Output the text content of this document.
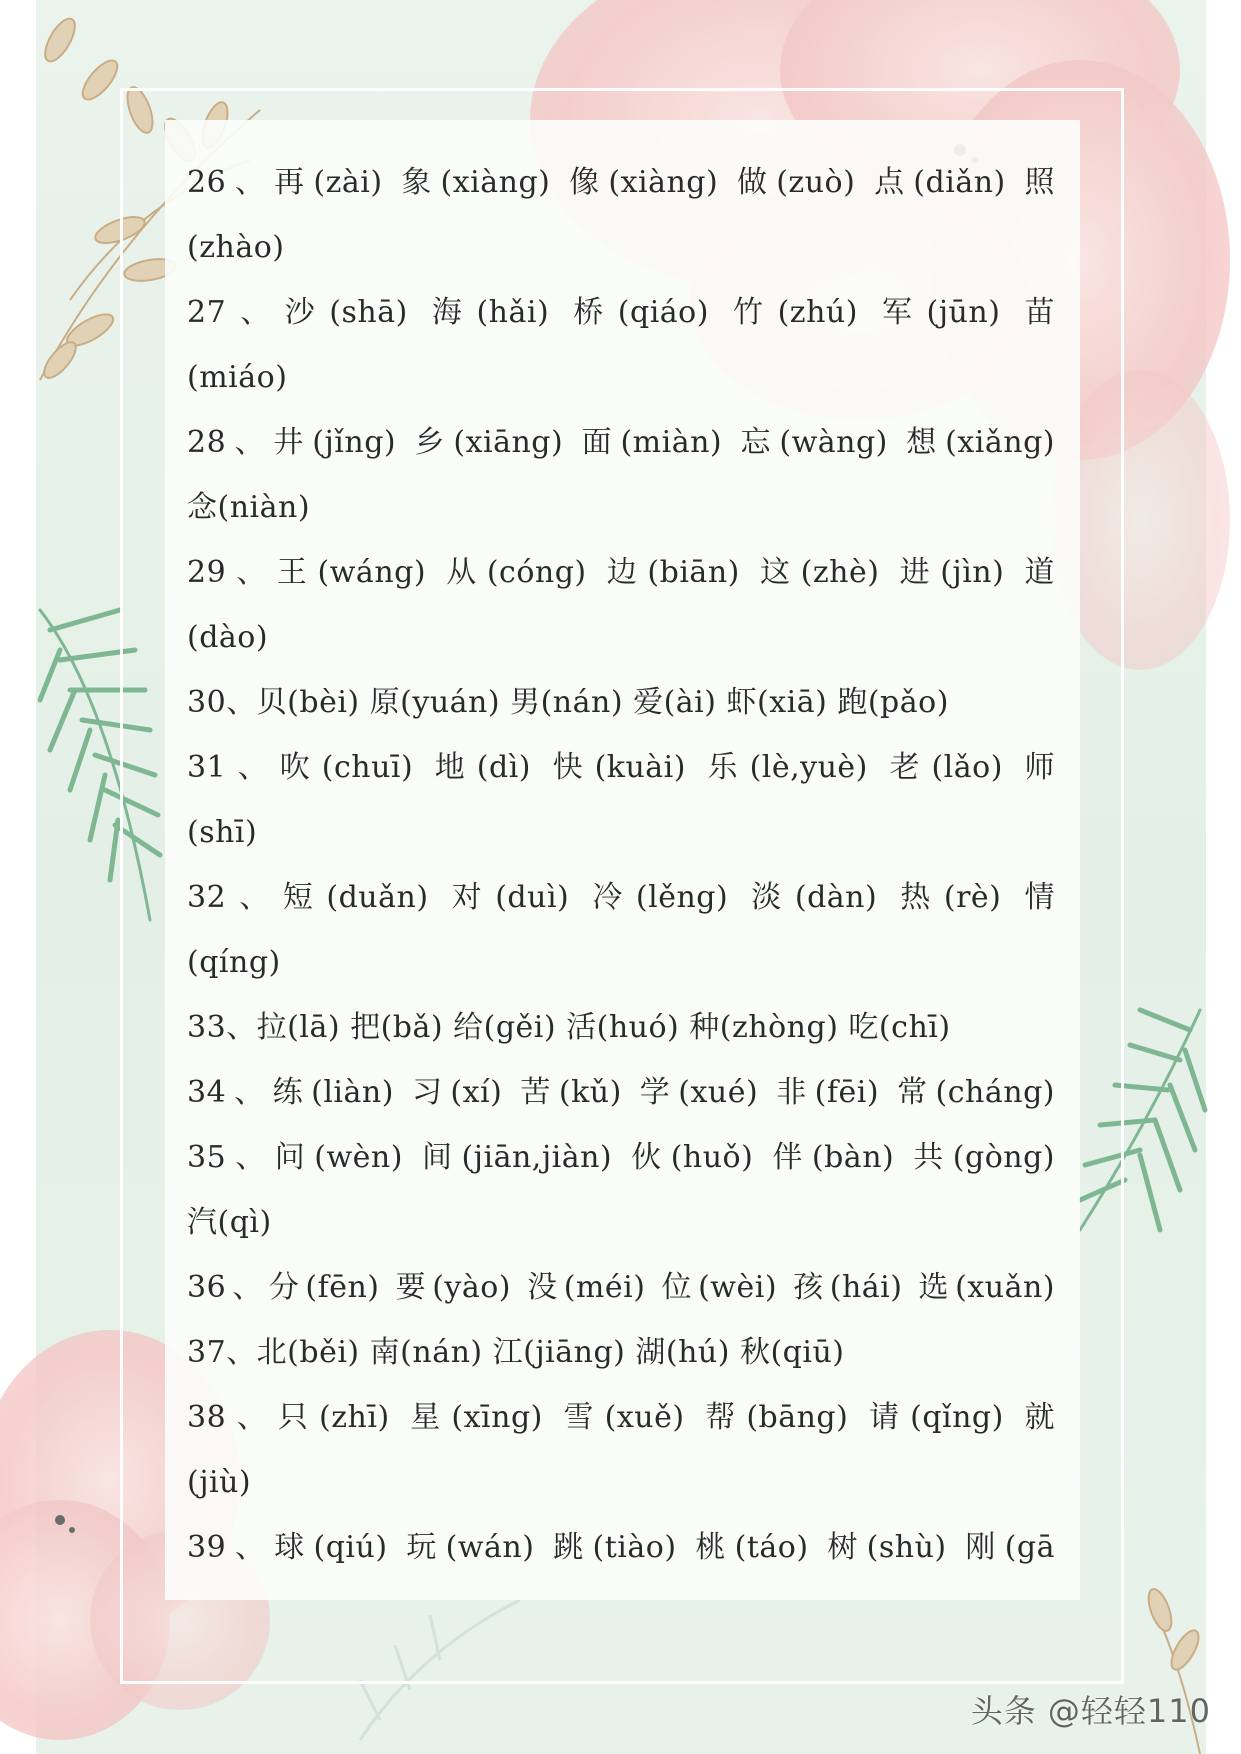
26、再(zài) 象(xiàng) 像(xiàng) 做(zuò) 点(diǎn) 照
(zhào)
27、沙(shā) 海(hǎi) 桥(qiáo) 竹(zhú) 军(jūn) 苗
(miáo)
28、井(jǐng) 乡(xiāng) 面(miàn) 忘(wàng) 想(xiǎng)
念(niàn)
29、王(wáng) 从(cóng) 边(biān) 这(zhè) 进(jìn) 道
(dào)
30、贝(bèi) 原(yuán) 男(nán) 爱(ài) 虾(xiā) 跑(pǎo)
31、吹(chuī) 地(dì) 快(kuài) 乐(lè,yuè) 老(lǎo) 师
(shī)
32、短(duǎn) 对(duì) 冷(lěng) 淡(dàn) 热(rè) 情
(qíng)
33、拉(lā) 把(bǎ) 给(gěi) 活(huó) 种(zhòng) 吃(chī)
34、练(liàn) 习(xí) 苦(kǔ) 学(xué) 非(fēi) 常(cháng)
35、问(wèn) 间(jiān,jiàn) 伙(huǒ) 伴(bàn) 共(gòng)
汽(qì)
36、分(fēn) 要(yào) 没(méi) 位(wèi) 孩(hái) 选(xuǎn)
37、北(běi) 南(nán) 江(jiāng) 湖(hú) 秋(qiū)
38、只(zhī) 星(xīng) 雪(xuě) 帮(bāng) 请(qǐng) 就
(jiù)
39、球(qiú) 玩(wán) 跳(tiào) 桃(táo) 树(shù) 刚(gā
头条 @轻轻110
